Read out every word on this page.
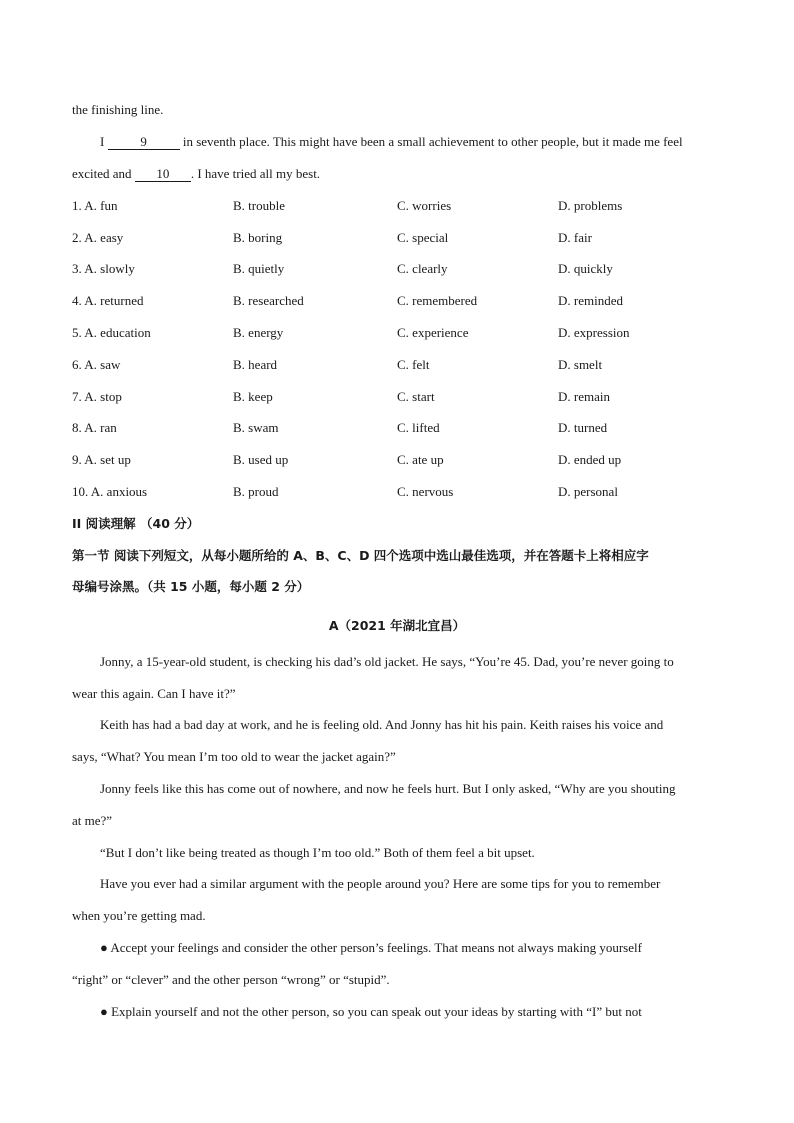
the finishing line.
I	9	in seventh place. This might have been a small achievement to other people, but it made me feel
excited and 10 . I have tried all my best.
1. A. fun	B. trouble	C. worries	D. problems
2. A. easy	B. boring	C. special	D. fair
3. A. slowly	B. quietly	C. clearly	D. quickly
4. A. returned	B. researched	C. remembered	D. reminded
5. A. education	B. energy	C. experience	D. expression
6. A. saw	B. heard	C. felt	D. smelt
7. A. stop	B. keep	C. start	D. remain
8. A. ran	B. swam	C. lifted	D. turned
9. A. set up	B. used up	C. ate up	D. ended up
10. A. anxious	B. proud	C. nervous	D. personal
II 阅读理解 （40 分）
第一节 阅读下列短文，从每小题所给的 A、B、C、D 四个选项中选山最佳选项，并在答题卡上将相应字
母编号涂黑。（共 15 小题，每小题 2 分）
A（2021 年湖北宜昌）
Jonny, a 15-year-old student, is checking his dad’s old jacket. He says, “You’re 45. Dad, you’re never going to
wear this again. Can I have it?”
Keith has had a bad day at work, and he is feeling old. And Jonny has hit his pain. Keith raises his voice and
says, “What? You mean I’m too old to wear the jacket again?”
Jonny feels like this has come out of nowhere, and now he feels hurt. But I only asked, “Why are you shouting
at me?”
“But I don’t like being treated as though I’m too old.” Both of them feel a bit upset.
Have you ever had a similar argument with the people around you? Here are some tips for you to remember
when you’re getting mad.
● Accept your feelings and consider the other person’s feelings. That means not always making yourself
“right” or “clever” and the other person “wrong” or “stupid”.
● Explain yourself and not the other person, so you can speak out your ideas by starting with “I” but not
